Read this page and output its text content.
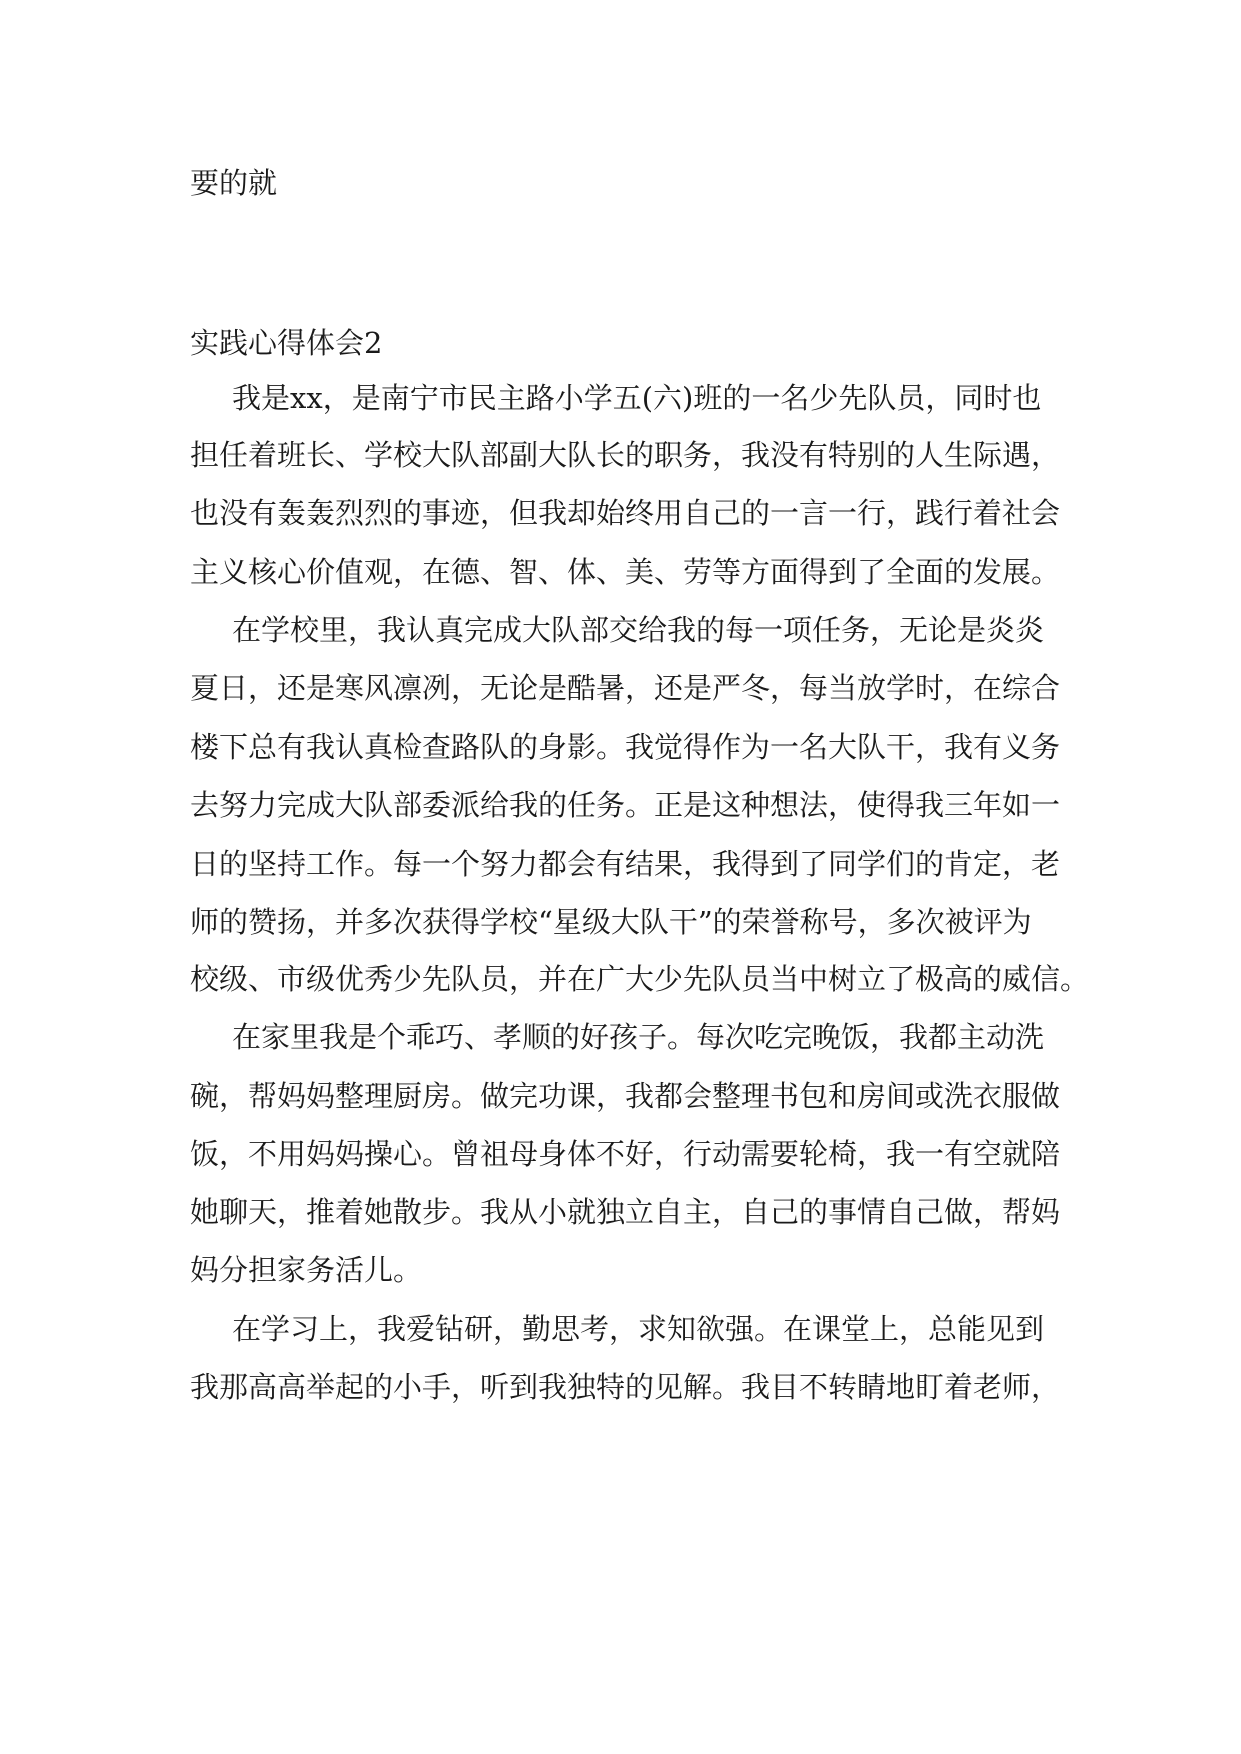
要的就

实践心得体会2

我是xx，是南宁市民主路小学五(六)班的一名少先队员，同时也

担任着班长、学校大队部副大队长的职务，我没有特别的人生际遇，

也没有轰轰烈烈的事迹，但我却始终用自己的一言一行，践行着社会

主义核心价值观，在德、智、体、美、劳等方面得到了全面的发展。

在学校里，我认真完成大队部交给我的每一项任务，无论是炎炎

夏日，还是寒风凛冽，无论是酷暑，还是严冬，每当放学时，在综合

楼下总有我认真检查路队的身影。我觉得作为一名大队干，我有义务

去努力完成大队部委派给我的任务。正是这种想法，使得我三年如一

日的坚持工作。每一个努力都会有结果，我得到了同学们的肯定，老

师的赞扬，并多次获得学校“星级大队干”的荣誉称号，多次被评为

校级、市级优秀少先队员，并在广大少先队员当中树立了极高的威信。

在家里我是个乖巧、孝顺的好孩子。每次吃完晚饭，我都主动洗

碗，帮妈妈整理厨房。做完功课，我都会整理书包和房间或洗衣服做

饭，不用妈妈操心。曾祖母身体不好，行动需要轮椅，我一有空就陪

她聊天，推着她散步。我从小就独立自主，自己的事情自己做，帮妈

妈分担家务活儿。

在学习上，我爱钻研，勤思考，求知欲强。在课堂上，总能见到

我那高高举起的小手，听到我独特的见解。我目不转睛地盯着老师，
